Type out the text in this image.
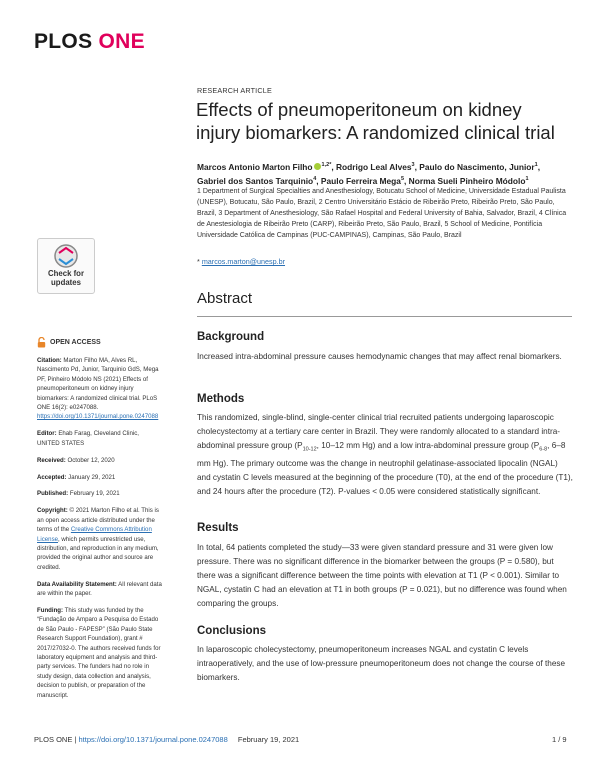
PLOS ONE
RESEARCH ARTICLE
Effects of pneumoperitoneum on kidney injury biomarkers: A randomized clinical trial
Marcos Antonio Marton Filho $^{1,2*}$, Rodrigo Leal Alves$^3$, Paulo do Nascimento, Junior$^1$,
Gabriel dos Santos Tarquinio$^4$, Paulo Ferreira Mega$^5$, Norma Sueli Pinheiro Módolo$^1$
1 Department of Surgical Specialties and Anesthesiology, Botucatu School of Medicine, Universidade Estadual Paulista (UNESP), Botucatu, São Paulo, Brazil, 2 Centro Universitário Estácio de Ribeirão Preto, Ribeirão Preto, São Paulo, Brazil, 3 Department of Anesthesiology, São Rafael Hospital and Federal University of Bahia, Salvador, Brazil, 4 Clínica de Anestesiologia de Ribeirão Preto (CARP), Ribeirão Preto, São Paulo, Brazil, 5 School of Medicine, Pontifícia Universidade Católica de Campinas (PUC-CAMPINAS), Campinas, São Paulo, Brazil
* marcos.marton@unesp.br
Abstract
Background
Increased intra-abdominal pressure causes hemodynamic changes that may affect renal biomarkers.
Methods
This randomized, single-blind, single-center clinical trial recruited patients undergoing laparoscopic cholecystectomy at a tertiary care center in Brazil. They were randomly allocated to a standard intra-abdominal pressure group ($P_{10-12}$, 10–12 mm Hg) and a low intra-abdominal pressure group ($P_{6-8}$, 6–8 mm Hg). The primary outcome was the change in neutrophil gelatinase-associated lipocalin (NGAL) and cystatin C levels measured at the beginning of the procedure (T0), at the end of the procedure (T1), and 24 hours after the procedure (T2). P-values < 0.05 were considered statistically significant.
Results
In total, 64 patients completed the study—33 were given standard pressure and 31 were given low pressure. There was no significant difference in the biomarker between the groups (P = 0.580), but there was a significant difference between the time points with elevation at T1 (P < 0.001). Similar to NGAL, cystatin C had an elevation at T1 in both groups (P = 0.021), but no difference was found when comparing the groups.
Conclusions
In laparoscopic cholecystectomy, pneumoperitoneum increases NGAL and cystatin C levels intraoperatively, and the use of low-pressure pneumoperitoneum does not change the course of these biomarkers.
Check for updates
OPEN ACCESS

Citation: Marton Filho MA, Alves RL, Nascimento Pd, Junior, Tarquinio GdS, Mega PF, Pinheiro Módolo NS (2021) Effects of pneumoperitoneum on kidney injury biomarkers: A randomized clinical trial. PLoS ONE 16(2): e0247088. https://doi.org/10.1371/journal.pone.0247088

Editor: Ehab Farag, Cleveland Clinic, UNITED STATES

Received: October 12, 2020

Accepted: January 29, 2021

Published: February 19, 2021

Copyright: © 2021 Marton Filho et al. This is an open access article distributed under the terms of the Creative Commons Attribution License, which permits unrestricted use, distribution, and reproduction in any medium, provided the original author and source are credited.

Data Availability Statement: All relevant data are within the paper.

Funding: This study was funded by the “Fundação de Amparo a Pesquisa do Estado de São Paulo - FAPESP” (São Paulo State Research Support Foundation), grant # 2017/27032-0. The authors received funds for laboratory equipment and analysis and third-party services. The funders had no role in study design, data collection and analysis, decision to publish, or preparation of the manuscript.

PLOS ONE | https://doi.org/10.1371/journal.pone.0247088 February 19, 2021	1 / 9
